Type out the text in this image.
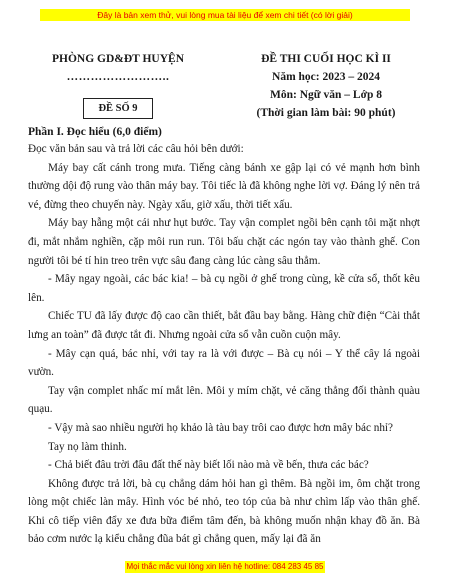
Đây là bản xem thử, vui lòng mua tài liệu để xem chi tiết (có lời giải)
PHÒNG GD&ĐT HUYỆN
……………………..
ĐỀ SỐ 9
ĐỀ THI CUỐI HỌC KÌ II
Năm học: 2023 – 2024
Môn: Ngữ văn – Lớp 8
(Thời gian làm bài: 90 phút)

Phần I. Đọc hiểu (6,0 điểm)

Đọc văn bản sau và trả lời các câu hỏi bên dưới:

Máy bay cất cánh trong mưa. Tiếng càng bánh xe gập lại có vẻ mạnh hơn bình thường dội độ rung vào thân máy bay. Tôi tiếc là đã không nghe lời vợ. Đáng lý nên trả vé, đừng theo chuyến này. Ngày xấu, giờ xấu, thời tiết xấu.

Máy bay hẫng một cái như hụt bước. Tay vận complet ngồi bên cạnh tôi mặt nhợt đi, mắt nhắm nghiền, cặp môi run run. Tôi bấu chặt các ngón tay vào thành ghế. Con người tôi bé tí hin treo trên vực sâu đang càng lúc càng sâu thẳm.

- Mây ngay ngoài, các bác kia! – bà cụ ngồi ở ghế trong cùng, kề cửa sổ, thốt kêu lên.

Chiếc TU đã lấy được độ cao cần thiết, bắt đầu bay bằng. Hàng chữ điện “Cài thắt lưng an toàn” đã được tắt đi. Nhưng ngoài cửa sổ vẫn cuồn cuộn mây.

- Mây cạn quá, bác nhỉ, với tay ra là với được – Bà cụ nói – Y thể cây lá ngoài vườn.

Tay vận complet nhấc mí mắt lên. Môi y mím chặt, vẻ căng thẳng đối thành quàu quạu.

- Vậy mà sao nhiều người họ khảo là tàu bay trôi cao được hơn mây bác nhỉ?

Tay nọ làm thinh.

- Chả biết đâu trời đâu đất thế này biết lối nào mà về bến, thưa các bác?

Không được trả lời, bà cụ chẳng dám hỏi han gì thêm. Bà ngồi im, ôm chặt trong lòng một chiếc làn mây. Hình vóc bé nhỏ, teo tóp của bà như chìm lấp vào thân ghế. Khi cô tiếp viên đẩy xe đưa bữa điểm tâm đến, bà không muốn nhận khay đồ ăn. Bà bảo cơm nước lạ kiểu chẳng đũa bát gì chẳng quen, mấy lại đã ăn

Mọi thắc mắc vui lòng xin liên hệ hotline: 084 283 45 85
